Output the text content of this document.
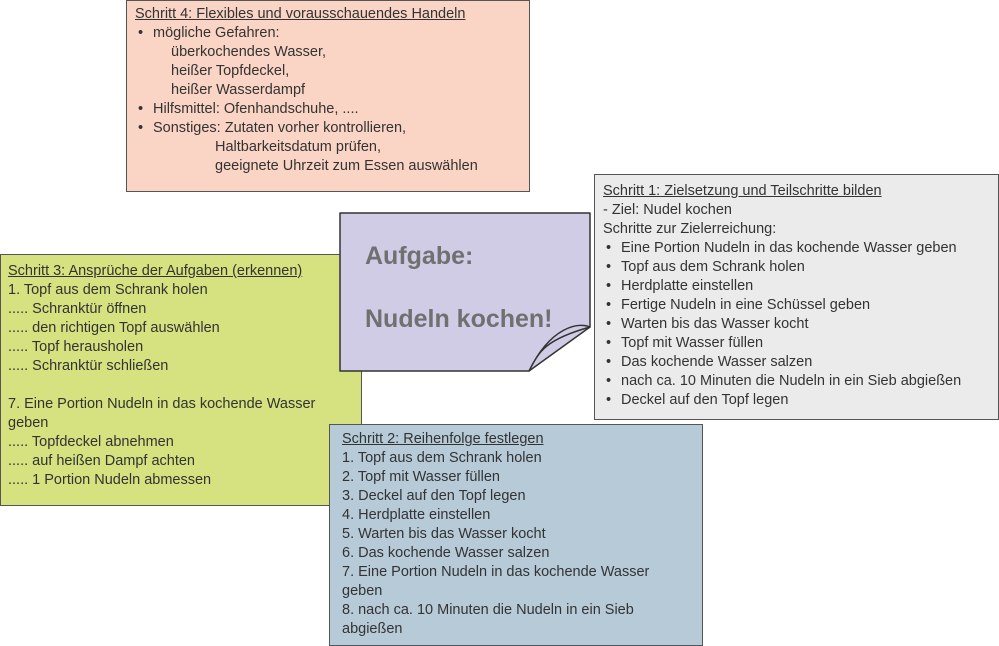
Schritt 4: Flexibles und vorausschauendes Handeln
• mögliche Gefahren:
überkochendes Wasser,
heißer Topfdeckel,
heißer Wasserdampf
• Hilfsmittel: Ofenhandschuhe, ....
• Sonstiges: Zutaten vorher kontrollieren,
Haltbarkeitsdatum prüfen,
geeignete Uhrzeit zum Essen auswählen
Schritt 1: Zielsetzung und Teilschritte bilden
- Ziel: Nudel kochen
Schritte zur Zielerreichung:
• Eine Portion Nudeln in das kochende Wasser geben
• Topf aus dem Schrank holen
• Herdplatte einstellen
• Fertige Nudeln in eine Schüssel geben
• Warten bis das Wasser kocht
• Topf mit Wasser füllen
• Das kochende Wasser salzen
• nach ca. 10 Minuten die Nudeln in ein Sieb abgießen
• Deckel auf den Topf legen
Schritt 3: Ansprüche der Aufgaben (erkennen)
1. Topf aus dem Schrank holen
..... Schranktür öffnen
..... den richtigen Topf auswählen
..... Topf herausholen
..... Schranktür schließen
7. Eine Portion Nudeln in das kochende Wasser geben
..... Topfdeckel abnehmen
..... auf heißen Dampf achten
..... 1 Portion Nudeln abmessen
Schritt 2: Reihenfolge festlegen
1. Topf aus dem Schrank holen
2. Topf mit Wasser füllen
3. Deckel auf den Topf legen
4. Herdplatte einstellen
5. Warten bis das Wasser kocht
6. Das kochende Wasser salzen
7. Eine Portion Nudeln in das kochende Wasser geben
8. nach ca. 10 Minuten die Nudeln in ein Sieb abgießen
Aufgabe:
Nudeln kochen!
